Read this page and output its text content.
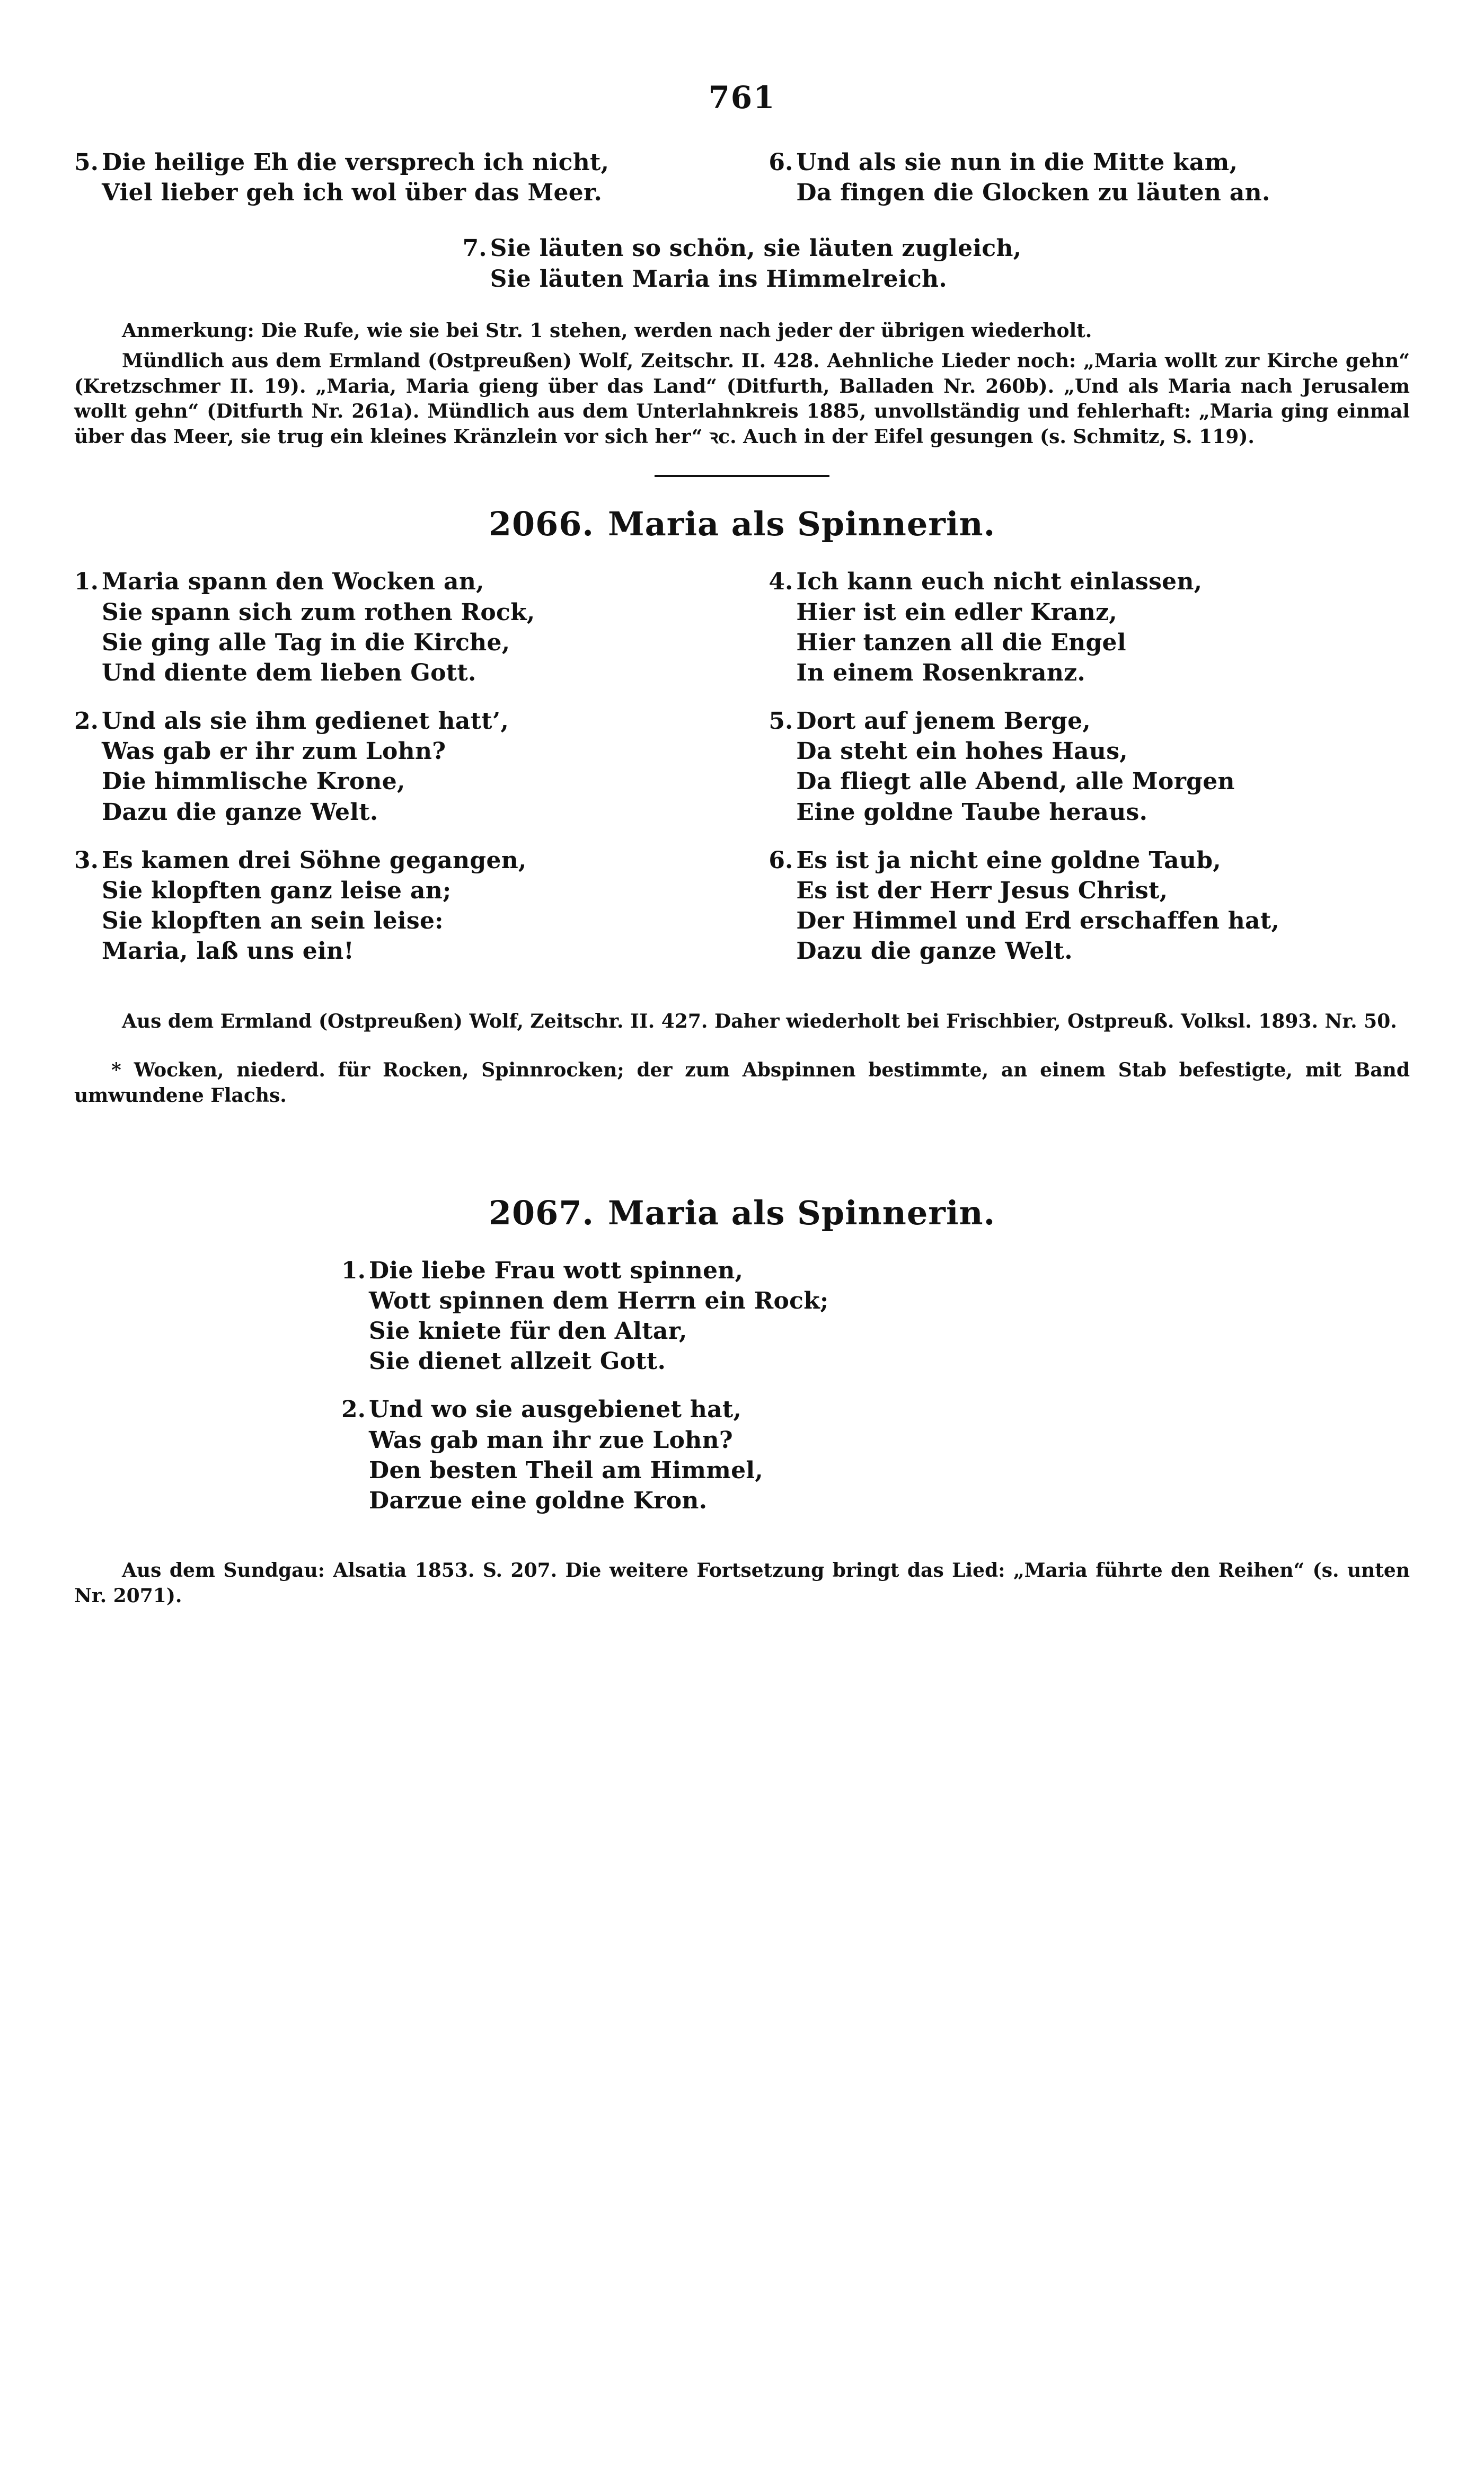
761
5. Die heilige Eh die versprech ich nicht,
Viel lieber geh ich wol über das Meer.
6. Und als sie nun in die Mitte kam,
Da fingen die Glocken zu läuten an.
7. Sie läuten so schön, sie läuten zugleich,
Sie läuten Maria ins Himmelreich.
Anmerkung: Die Rufe, wie sie bei Str. 1 stehen, werden nach jeder der übrigen wiederholt.
Mündlich aus dem Ermland (Ostpreußen) Wolf, Zeitschr. II. 428. Aehnliche Lieder noch: „Maria wollt zur Kirche gehn“ (Kretzschmer II. 19). „Maria, Maria gieng über das Land“ (Ditfurth, Balladen Nr. 260b). „Und als Maria nach Jerusalem wollt gehn“ (Ditfurth Nr. 261a). Mündlich aus dem Unterlahnkreis 1885, unvollständig und fehlerhaft: „Maria ging einmal über das Meer, sie trug ein kleines Kränzlein vor sich her“ ꝛc. Auch in der Eifel gesungen (s. Schmitz, S. 119).
2066. Maria als Spinnerin.
1. Maria spann den Wocken an,
Sie spann sich zum rothen Rock,
Sie ging alle Tag in die Kirche,
Und diente dem lieben Gott.
2. Und als sie ihm gedienet hatt’,
Was gab er ihr zum Lohn?
Die himmlische Krone,
Dazu die ganze Welt.
3. Es kamen drei Söhne gegangen,
Sie klopften ganz leise an;
Sie klopften an sein leise:
Maria, laß uns ein!
4. Ich kann euch nicht einlassen,
Hier ist ein edler Kranz,
Hier tanzen all die Engel
In einem Rosenkranz.
5. Dort auf jenem Berge,
Da steht ein hohes Haus,
Da fliegt alle Abend, alle Morgen
Eine goldne Taube heraus.
6. Es ist ja nicht eine goldne Taub,
Es ist der Herr Jesus Christ,
Der Himmel und Erd erschaffen hat,
Dazu die ganze Welt.
Aus dem Ermland (Ostpreußen) Wolf, Zeitschr. II. 427. Daher wiederholt bei Frischbier, Ostpreuß. Volksl. 1893. Nr. 50.
* Wocken, niederd. für Rocken, Spinnrocken; der zum Abspinnen bestimmte, an einem Stab befestigte, mit Band umwundene Flachs.
2067. Maria als Spinnerin.
1. Die liebe Frau wott spinnen,
Wott spinnen dem Herrn ein Rock;
Sie kniete für den Altar,
Sie dienet allzeit Gott.
2. Und wo sie ausgebienet hat,
Was gab man ihr zue Lohn?
Den besten Theil am Himmel,
Darzue eine goldne Kron.
Aus dem Sundgau: Alsatia 1853. S. 207. Die weitere Fortsetzung bringt das Lied: „Maria führte den Reihen“ (s. unten Nr. 2071).
